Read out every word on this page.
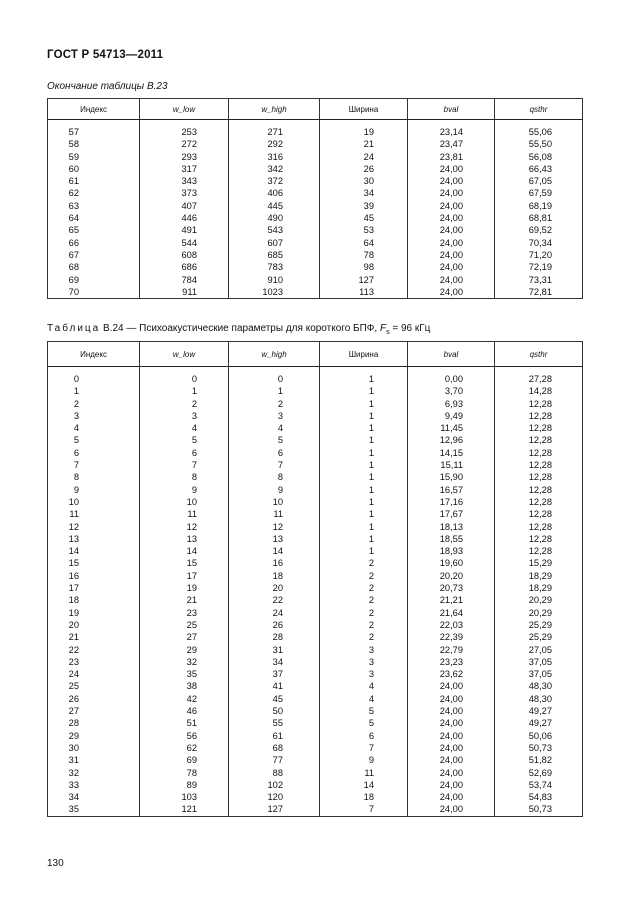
ГОСТ Р 54713—2011
Окончание таблицы В.23
Индекс	w_low	w_high	Ширина	bval	qsthr

57	253	271	19	23,14	55,06
58	272	292	21	23,47	55,50
59	293	316	24	23,81	56,08
60	317	342	26	24,00	66,43
61	343	372	30	24,00	67,05
62	373	406	34	24,00	67,59
63	407	445	39	24,00	68,19
64	446	490	45	24,00	68,81
65	491	543	53	24,00	69,52
66	544	607	64	24,00	70,34
67	608	685	78	24,00	71,20
68	686	783	98	24,00	72,19
69	784	910	127	24,00	73,31
70	911	1023	113	24,00	72,81
Таблица В.24 — Психоакустические параметры для короткого БПФ, $F_s = 96$ кГц
Индекс	w_low	w_high	Ширина	bval	qsthr

0	0	0	1	0,00	27,28
1	1	1	1	3,70	14,28
2	2	2	1	6,93	12,28
3	3	3	1	9,49	12,28
4	4	4	1	11,45	12,28
5	5	5	1	12,96	12,28
6	6	6	1	14,15	12,28
7	7	7	1	15,11	12,28
8	8	8	1	15,90	12,28
9	9	9	1	16,57	12,28
10	10	10	1	17,16	12,28
11	11	11	1	17,67	12,28
12	12	12	1	18,13	12,28
13	13	13	1	18,55	12,28
14	14	14	1	18,93	12,28
15	15	16	2	19,60	15,29
16	17	18	2	20,20	18,29
17	19	20	2	20,73	18,29
18	21	22	2	21,21	20,29
19	23	24	2	21,64	20,29
20	25	26	2	22,03	25,29
21	27	28	2	22,39	25,29
22	29	31	3	22,79	27,05
23	32	34	3	23,23	37,05
24	35	37	3	23,62	37,05
25	38	41	4	24,00	48,30
26	42	45	4	24,00	48,30
27	46	50	5	24,00	49,27
28	51	55	5	24,00	49,27
29	56	61	6	24,00	50,06
30	62	68	7	24,00	50,73
31	69	77	9	24,00	51,82
32	78	88	11	24,00	52,69
33	89	102	14	24,00	53,74
34	103	120	18	24,00	54,83
35	121	127	7	24,00	50,73
130
